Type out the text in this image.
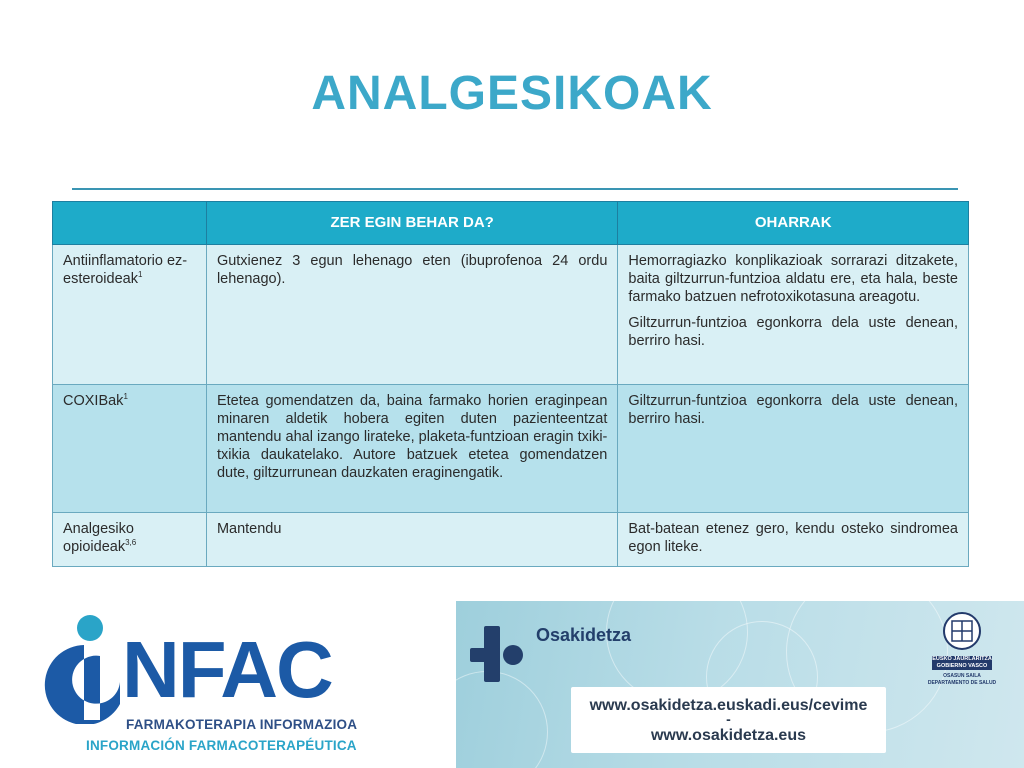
ANALGESIKOAK
	ZER EGIN BEHAR DA?	OHARRAK
Antiinflamatorio ez-esteroideak$^1$	Gutxienez 3 egun lehenago eten (ibuprofenoa 24 ordu lehenago).	Hemorragiazko konplikazioak sorrarazi ditzakete, baita giltzurrun-funtzioa aldatu ere, eta hala, beste farmako batzuen nefrotoxikotasuna areagotu.
Giltzurrun-funtzioa egonkorra dela uste denean, berriro hasi.

COXIBak$^1$	Etetea gomendatzen da, baina farmako horien eraginpean minaren aldetik hobera egiten duten pazienteentzat mantendu ahal izango lirateke, plaketa-funtzioan eragin txiki-txikia daukatelako. Autore batzuek etetea gomendatzen dute, giltzurrunean dauzkaten eraginengatik.	Giltzurrun-funtzioa egonkorra dela uste denean, berriro hasi.

Analgesiko opioideak$^{3,6}$	Mantendu	Bat-batean etenez gero, kendu osteko sindromea egon liteke.
NFAC
FARMAKOTERAPIA INFORMAZIOA
INFORMACIÓN FARMACOTERAPÉUTICA
Osakidetza
www.osakidetza.euskadi.eus/cevime
-
www.osakidetza.eus
EUSKO JAURLARITZA
GOBIERNO VASCO
OSASUN SAILA
DEPARTAMENTO DE SALUD
